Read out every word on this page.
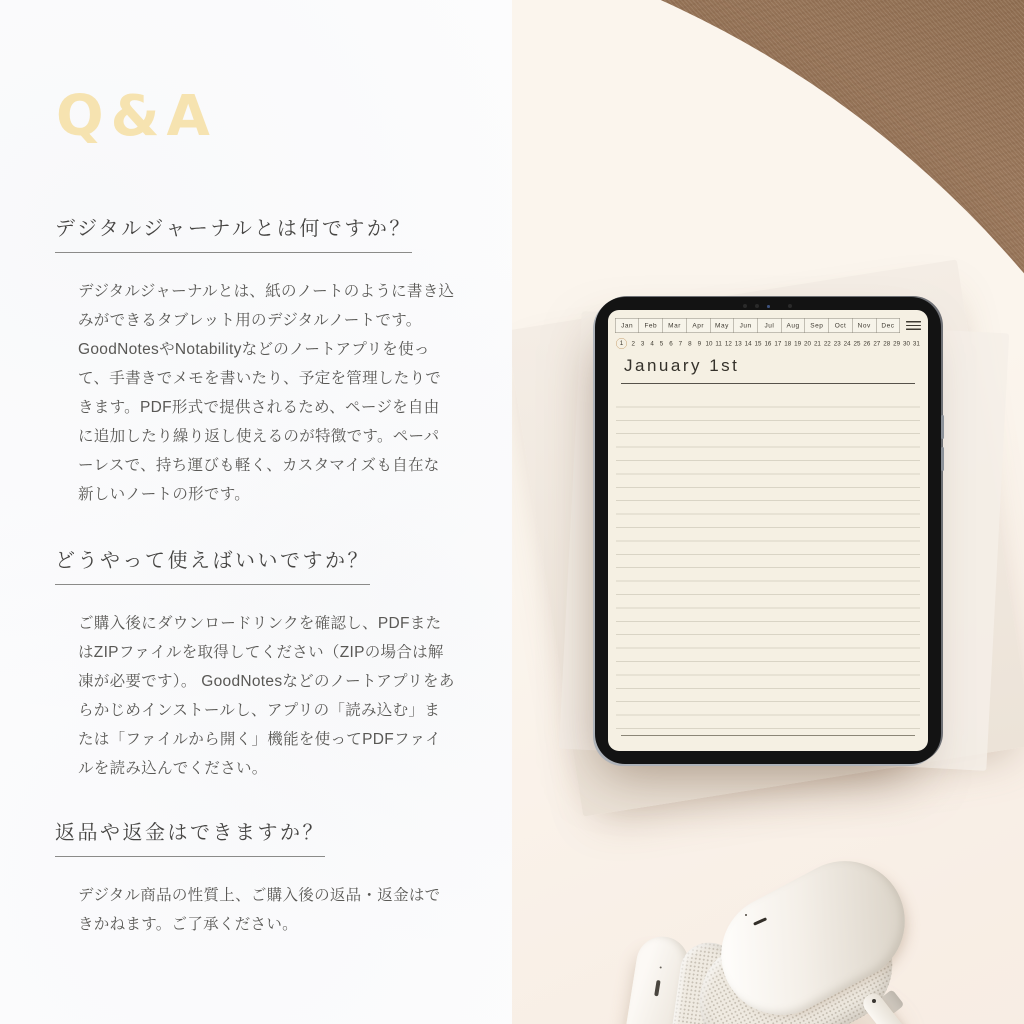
Q&A
デジタルジャーナルとは何ですか？
デジタルジャーナルとは、紙のノートのように書き込みができるタブレット用のデジタルノートです。GoodNotesやNotabilityなどのノートアプリを使って、手書きでメモを書いたり、予定を管理したりできます。PDF形式で提供されるため、ページを自由に追加したり繰り返し使えるのが特徴です。ペーパーレスで、持ち運びも軽く、カスタマイズも自在な新しいノートの形です。
どうやって使えばいいですか？
ご購入後にダウンロードリンクを確認し、PDFまたはZIPファイルを取得してください（ZIPの場合は解凍が必要です）。 GoodNotesなどのノートアプリをあらかじめインストールし、アプリの「読み込む」または「ファイルから開く」機能を使ってPDFファイルを読み込んでください。
返品や返金はできますか？
デジタル商品の性質上、ご購入後の返品・返金はできかねます。ご了承ください。
Jan Feb Mar Apr May Jun Jul Aug Sep Oct Nov Dec
1 2 3 4 5 6 7 8 9 10 11 12 13 14 15 16 17 18 19 20 21 22 23 24 25 26 27 28 29 30 31
January 1st
